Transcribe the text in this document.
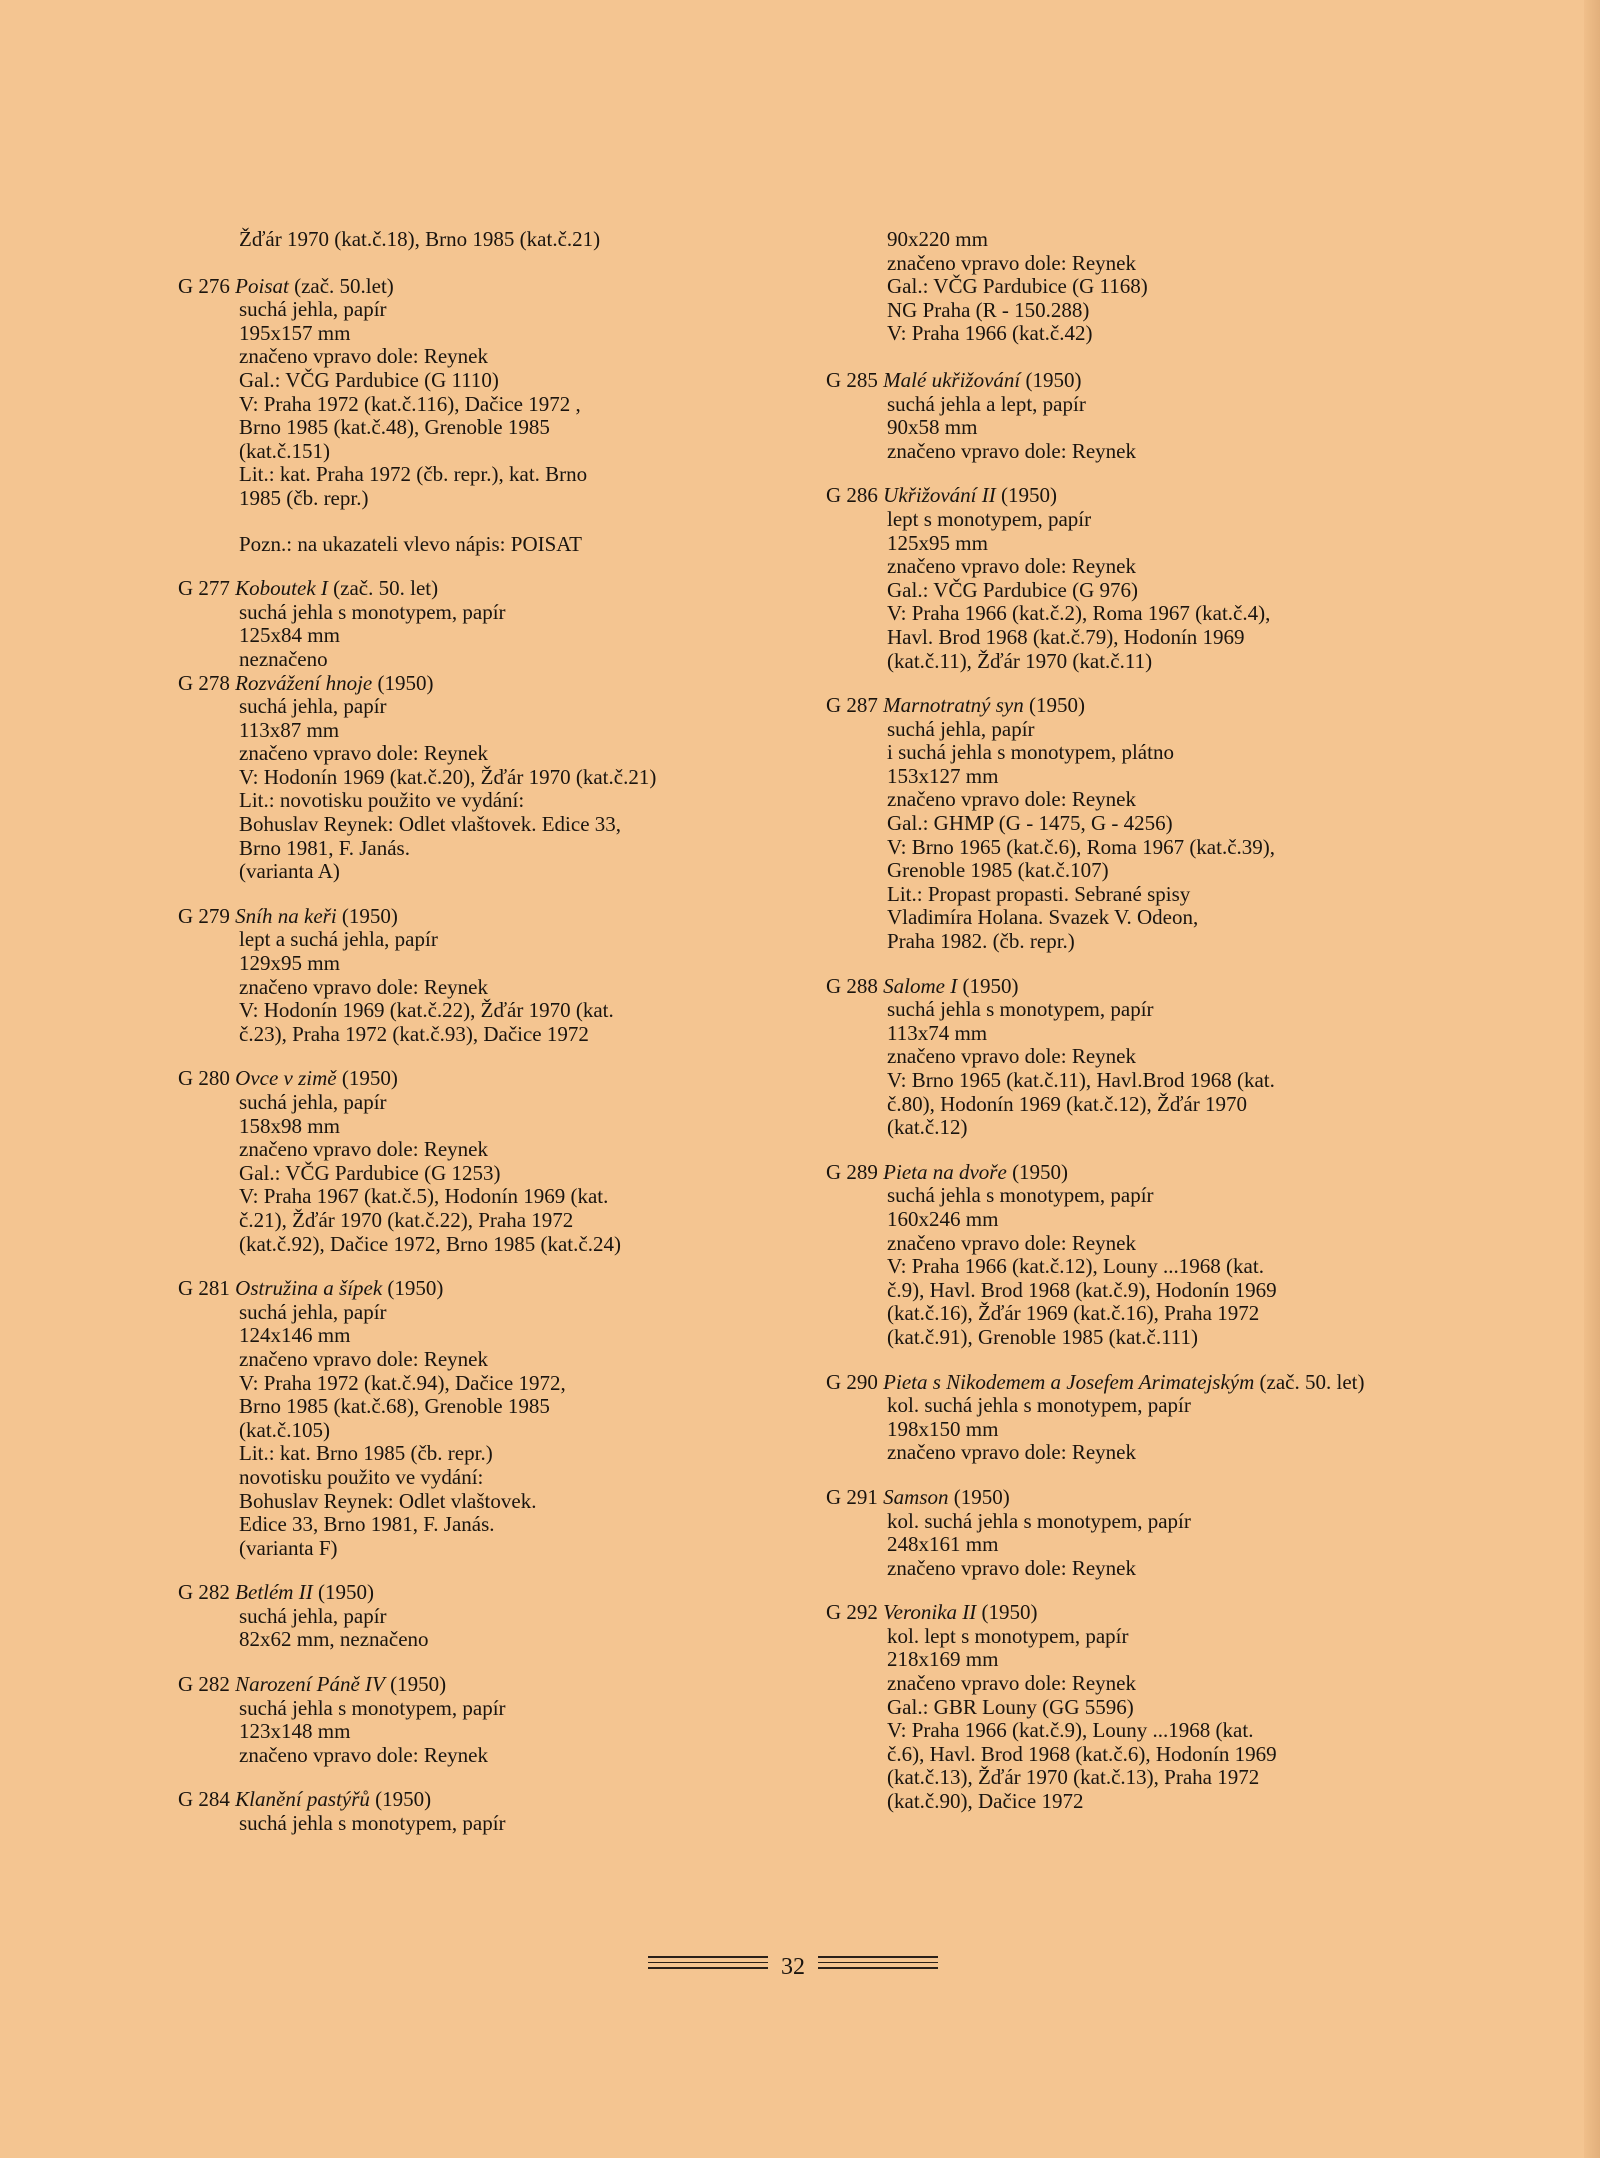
Žďár 1970 (kat.č.18), Brno 1985 (kat.č.21)
G 276 Poisat (zač. 50.let)
suchá jehla, papír
195x157 mm
značeno vpravo dole: Reynek
Gal.: VČG Pardubice (G 1110)
V: Praha 1972 (kat.č.116), Dačice 1972 ,
Brno 1985 (kat.č.48), Grenoble 1985
(kat.č.151)
Lit.: kat. Praha 1972 (čb. repr.), kat. Brno
1985 (čb. repr.)
Pozn.: na ukazateli vlevo nápis: POISAT
G 277 Koboutek I (zač. 50. let)
suchá jehla s monotypem, papír
125x84 mm
neznačeno
G 278 Rozvážení hnoje (1950)
suchá jehla, papír
113x87 mm
značeno vpravo dole: Reynek
V: Hodonín 1969 (kat.č.20), Žďár 1970 (kat.č.21)
Lit.: novotisku použito ve vydání:
Bohuslav Reynek: Odlet vlaštovek. Edice 33,
Brno 1981, F. Janás.
(varianta A)
G 279 Sníh na keři (1950)
lept a suchá jehla, papír
129x95 mm
značeno vpravo dole: Reynek
V: Hodonín 1969 (kat.č.22), Žďár 1970 (kat.
č.23), Praha 1972 (kat.č.93), Dačice 1972
G 280 Ovce v zimě (1950)
suchá jehla, papír
158x98 mm
značeno vpravo dole: Reynek
Gal.: VČG Pardubice (G 1253)
V: Praha 1967 (kat.č.5), Hodonín 1969 (kat.
č.21), Žďár 1970 (kat.č.22), Praha 1972
(kat.č.92), Dačice 1972, Brno 1985 (kat.č.24)
G 281 Ostružina a šípek (1950)
suchá jehla, papír
124x146 mm
značeno vpravo dole: Reynek
V: Praha 1972 (kat.č.94), Dačice 1972,
Brno 1985 (kat.č.68), Grenoble 1985
(kat.č.105)
Lit.: kat. Brno 1985 (čb. repr.)
novotisku použito ve vydání:
Bohuslav Reynek: Odlet vlaštovek.
Edice 33, Brno 1981, F. Janás.
(varianta F)
G 282 Betlém II (1950)
suchá jehla, papír
82x62 mm, neznačeno
G 282 Narození Páně IV (1950)
suchá jehla s monotypem, papír
123x148 mm
značeno vpravo dole: Reynek
G 284 Klanění pastýřů (1950)
suchá jehla s monotypem, papír
90x220 mm
značeno vpravo dole: Reynek
Gal.: VČG Pardubice (G 1168)
NG Praha (R - 150.288)
V: Praha 1966 (kat.č.42)
G 285 Malé ukřižování (1950)
suchá jehla a lept, papír
90x58 mm
značeno vpravo dole: Reynek
G 286 Ukřižování II (1950)
lept s monotypem, papír
125x95 mm
značeno vpravo dole: Reynek
Gal.: VČG Pardubice (G 976)
V: Praha 1966 (kat.č.2), Roma 1967 (kat.č.4),
Havl. Brod 1968 (kat.č.79), Hodonín 1969
(kat.č.11), Žďár 1970 (kat.č.11)
G 287 Marnotratný syn (1950)
suchá jehla, papír
i suchá jehla s monotypem, plátno
153x127 mm
značeno vpravo dole: Reynek
Gal.: GHMP (G - 1475, G - 4256)
V: Brno 1965 (kat.č.6), Roma 1967 (kat.č.39),
Grenoble 1985 (kat.č.107)
Lit.: Propast propasti. Sebrané spisy
Vladimíra Holana. Svazek V. Odeon,
Praha 1982. (čb. repr.)
G 288 Salome I (1950)
suchá jehla s monotypem, papír
113x74 mm
značeno vpravo dole: Reynek
V: Brno 1965 (kat.č.11), Havl.Brod 1968 (kat.
č.80), Hodonín 1969 (kat.č.12), Žďár 1970
(kat.č.12)
G 289 Pieta na dvoře (1950)
suchá jehla s monotypem, papír
160x246 mm
značeno vpravo dole: Reynek
V: Praha 1966 (kat.č.12), Louny ...1968 (kat.
č.9), Havl. Brod 1968 (kat.č.9), Hodonín 1969
(kat.č.16), Žďár 1969 (kat.č.16), Praha 1972
(kat.č.91), Grenoble 1985 (kat.č.111)
G 290 Pieta s Nikodemem a Josefem Arimatejským (zač. 50. let)
kol. suchá jehla s monotypem, papír
198x150 mm
značeno vpravo dole: Reynek
G 291 Samson (1950)
kol. suchá jehla s monotypem, papír
248x161 mm
značeno vpravo dole: Reynek
G 292 Veronika II (1950)
kol. lept s monotypem, papír
218x169 mm
značeno vpravo dole: Reynek
Gal.: GBR Louny (GG 5596)
V: Praha 1966 (kat.č.9), Louny ...1968 (kat.
č.6), Havl. Brod 1968 (kat.č.6), Hodonín 1969
(kat.č.13), Žďár 1970 (kat.č.13), Praha 1972
(kat.č.90), Dačice 1972
32
